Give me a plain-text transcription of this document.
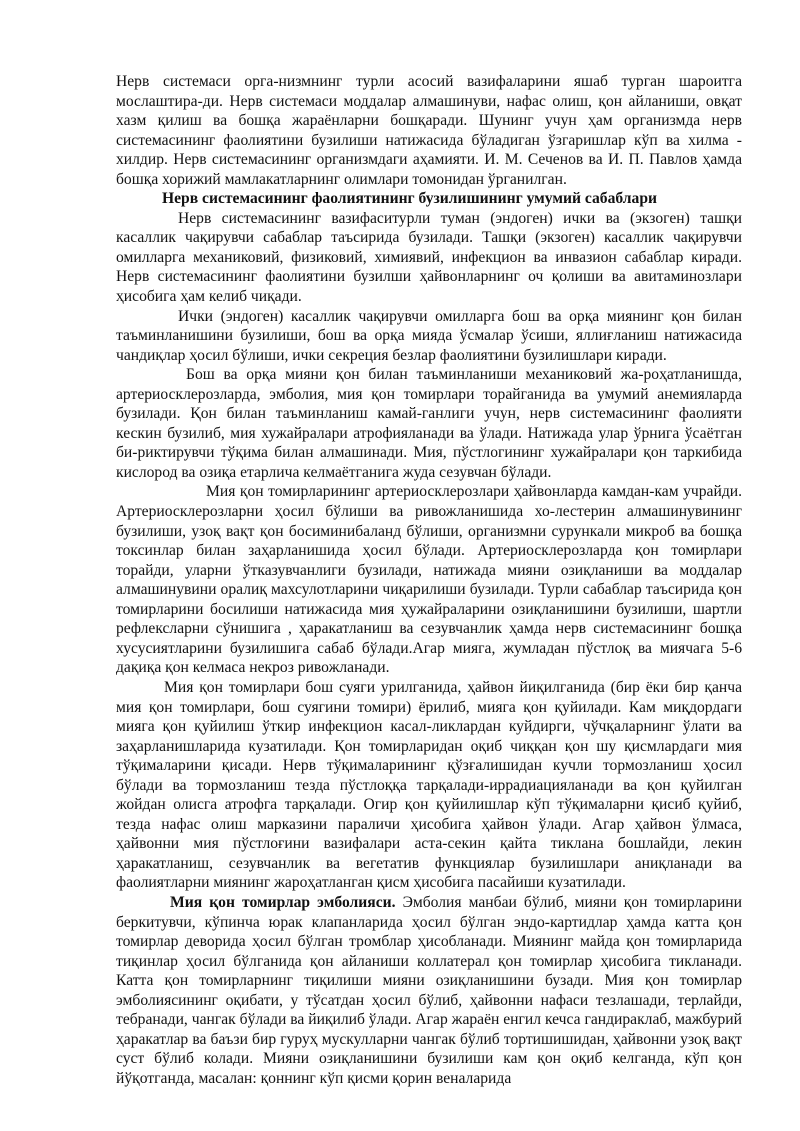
Нерв системаси орга-низмнинг турли асосий вазифаларини яшаб турган шароитга мослаштира-ди. Нерв системаси моддалар алмашинуви, нафас олиш, қон айланиши, овқат хазм қилиш ва бошқа жараёнларни бошқаради. Шунинг учун ҳам организмда нерв системасининг фаолиятини бузилиши натижасида бўладиган ўзгаришлар кўп ва хилма - хилдир. Нерв системасининг организмдаги аҳамияти. И. М. Сеченов ва И. П. Павлов ҳамда бошқа хорижий мамлакатларнинг олимлари томонидан ўрганилган.

Нерв системасининг фаолиятининг бузилишининг умумий сабаблари

Нерв системасининг вазифаситурли туман (эндоген) ички ва (экзоген) ташқи касаллик чақирувчи сабаблар таъсирида бузилади. Ташқи (экзоген) касаллик чақирувчи омилларга механиковий, физиковий, химиявий, инфекцион ва инвазион сабаблар киради. Нерв системасининг фаолиятини бузилши ҳайвонларнинг оч қолиши ва авитаминозлари ҳисобига ҳам келиб чиқади.

Ички (эндоген) касаллик чақирувчи омилларга бош ва орқа миянинг қон билан таъминланишини бузилиши, бош ва орқа мияда ўсмалар ўсиши, яллиғланиш натижасида чандиқлар ҳосил бўлиши, ички секреция безлар фаолиятини бузилишлари киради.

Бош ва орқа мияни қон билан таъминланиши механиковий жа-роҳатланишда, артериосклерозларда, эмболия, мия қон томирлари торайганида ва умумий анемияларда бузилади. Қон билан таъминланиш камай-ганлиги учун, нерв системасининг фаолияти кескин бузилиб, мия хужайралари атрофияланади ва ўлади. Натижада улар ўрнига ўсаётган би-риктирувчи тўқима билан алмашинади. Мия, пўстлогининг хужайралари қон таркибида кислород ва озиқа етарлича келмаётганига жуда сезувчан бўлади.

Мия қон томирларининг артериосклерозлари ҳайвонларда камдан-кам учрайди. Артериосклерозларни ҳосил бўлиши ва ривожланишида хо-лестерин алмашинувининг бузилиши, узоқ вақт қон босиминибаланд бўлиши, организмни сурункали микроб ва бошқа токсинлар билан заҳарланишида ҳосил бўлади. Артериосклерозларда қон томирлари торайди, уларни ўтказувчанлиги бузилади, натижада мияни озиқланиши ва моддалар алмашинувини оралиқ махсулотларини чиқарилиши бузилади. Турли сабаблар таъсирида қон томирларини босилиши натижасида мия ҳужайраларини озиқланишини бузилиши, шартли рефлексларни сўнишига , ҳаракатланиш ва сезувчанлик ҳамда нерв системасининг бошқа хусусиятларини бузилишига сабаб бўлади.Агар мияга, жумладан пўстлоқ ва миячага 5-6 дақиқа қон келмаса некроз ривожланади.

Мия қон томирлари бош суяги урилганида, ҳайвон йиқилганида (бир ёки бир қанча мия қон томирлари, бош суягини томири) ёрилиб, мияга қон қуйилади. Кам миқдордаги мияга қон қуйилиш ўткир инфекцион касал-ликлардан куйдирги, чўчқаларнинг ўлати ва заҳарланишларида кузатилади. Қон томирларидан оқиб чиққан қон шу қисмлардаги мия тўқималарини қисади. Нерв тўқималарининг қўзғалишидан кучли тормозланиш ҳосил бўлади ва тормозланиш тезда пўстлоққа тарқалади-иррадиацияланади ва қон қуйилган жойдан олисга атрофга тарқалади. Огир қон қуйилишлар кўп тўқималарни қисиб қуйиб, тезда нафас олиш марказини параличи ҳисобига ҳайвон ўлади. Агар ҳайвон ўлмаса, ҳайвонни мия пўстлоғини вазифалари аста-секин қайта тиклана бошлайди, лекин ҳаракатланиш, сезувчанлик ва вегетатив функциялар бузилишлари аниқланади ва фаолиятларни миянинг жароҳатланган қисм ҳисобига пасайиши кузатилади.

Мия қон томирлар эмболияси. Эмболия манбаи бўлиб, мияни қон томирларини беркитувчи, кўпинча юрак клапанларида ҳосил бўлган эндо-картидлар ҳамда катта қон томирлар деворида ҳосил бўлган тромблар ҳисобланади. Миянинг майда қон томирларида тиқинлар ҳосил бўлганида қон айланиши коллатерал қон томирлар ҳисобига тикланади. Катта қон томирларнинг тиқилиши мияни озиқланишини бузади. Мия қон томирлар эмболиясининг оқибати, у тўсатдан ҳосил бўлиб, ҳайвонни нафаси тезлашади, терлайди, тебранади, чангак бўлади ва йиқилиб ўлади. Агар жараён енгил кечса гандираклаб, мажбурий ҳаракатлар ва баъзи бир гуруҳ мускулларни чангак бўлиб тортишишидан, ҳайвонни узоқ вақт суст бўлиб колади. Мияни озиқланишини бузилиши кам қон оқиб келганда, кўп қон йўқотганда, масалан: қоннинг кўп қисми қорин веналарида
